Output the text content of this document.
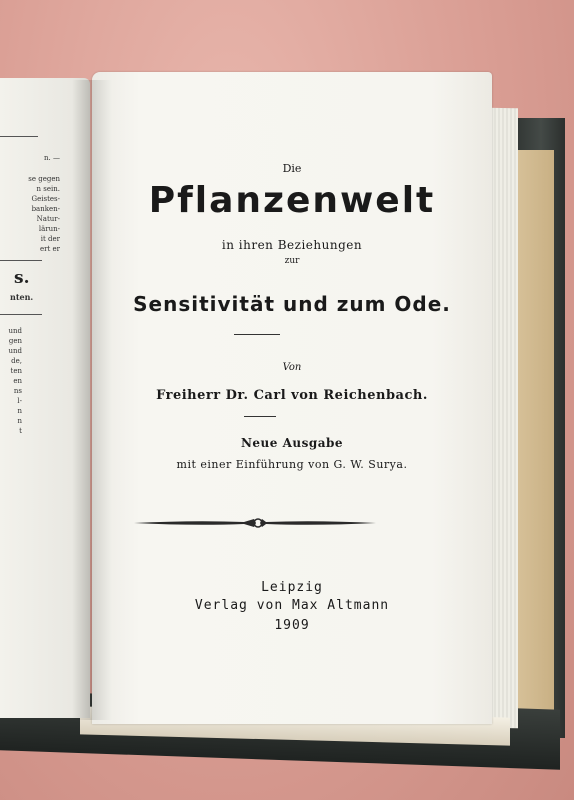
n. —
se gegen
n sein.
Geistes-
banken-
Natur-
lärun-
it der
ert er
s.
nten.
und
gen
und
de,
ten
en
ns
l-
n
n
t
Die
Pflanzenwelt
in ihren Beziehungen
zur
Sensitivität und zum Ode.
Von
Freiherr Dr. Carl von Reichenbach.
Neue Ausgabe
mit einer Einführung von G. W. Surya.
Leipzig
Verlag von Max Altmann
1909
